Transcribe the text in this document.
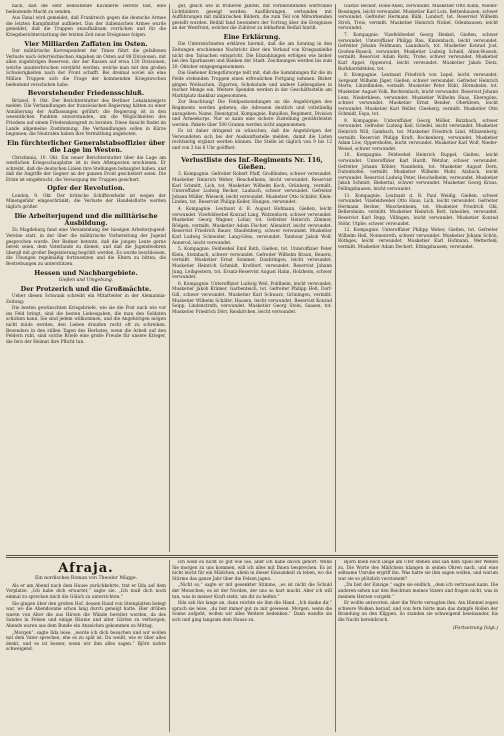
nach, daß die sehr bedeutende Kavallerie bereits fast, eine bedeutende Macht zu senden.

Aus Fanal wird gemeldet, daß Frankreich gegen die deutsche Armee die letzten Kampfmittel aufbietet. Das der italienischen Armee wurde gemeldet, daß die Truppen unaufhaltsam vorrücken und für die Kriegsberichterstattung der letzten Zeit neue Ereignisse folgen.

Vier Milliarden Zaffaten im Osten.

Der militärische Korrespondent der Times führt die gefallenen Verluste nach österreichischen Angaben im Osten auf 88 Divisionen, mit allen zugehörigen Reserven, der der Russen auf etwa 130 Divisionen, welche ununterbrochen verstärkt werden, welche man mit den großen Schwierigkeiten nach der Front schafft. Bei dreimal soviel als eine Million Truppen sich die Frage der kommenden Kriegswochen bedeutend verschoben habe.

Bevorstehender Friedensschluß.

Brüssel, 9. Okt. Der Berichterstatter des Berliner Lokalanzeigers meldet: Die Verhandlungen der französischen Regierung hätten zu einer Annäherung der Auffassungen geführt; die Regierung ist in den wesentlichen Punkten einverstanden, um die Möglichkeiten des Friedens auf einem Friedenskongreß zu beraten. Diese Ansicht findet im Lande allgemeine Zustimmung. Die Verhandlungen sollen in Kürze beginnen; die Neutralen haben ihre Vermittlung angeboten.

Ein fürchterlicher Generalstabsoffizier über die Lage im Westen.

Christiania, 10. Okt. Ein neuer Berichterstatter über die Lage am westlichen Kriegsschauplatze ist in dem Aftenposten erschienen. Er schreibt, daß die deutschen Linien ihre Stellungen behauptet haben, und daß die Angriffe der Gegner an der ganzen Front gescheitert seien. Die Ernte ist eingebracht, die Versorgung der Truppen gesichert.

Opfer der Revolution.

London, 9. Okt. Der britische Schiffsverkehr ist wegen der Minengefahr eingeschränkt; die Verluste der Handelsflotte werden täglich größer.

Die Arbeiterjugend und die militärische Ausbildung.

Zu Magdeburg fand eine Versammlung der hiesigen Arbeiterjugend-Vereine statt, in der über die militärische Vorbereitung der Jugend gesprochen wurde. Der Redner betonte, daß die jungen Leute gerne bereit seien, dem Vaterlande zu dienen, und daß die Jugendwehren überall mit großer Begeisterung begrüßt werden. Es wurde beschlossen, die Übungen regelmäßig fortzusetzen und die Eltern zu bitten, die Bestrebungen zu unterstützen.

Hessen und Nachbargebiete.
Gießen und Umgebung.
Der Protzerich und die Großmächte.

Ueber diesen Schwank schreibt ein Mitarbeiter in der Alemannia-Zeitung:

Die besten gewünschten Kriegsbriefe, wie sie die Post nach wie vor ins Feld bringt, sind die besten Liebesgaben, die man den Soldaten schicken kann. Sie sind jedem willkommen, und die Angehörigen mögen nicht müde werden, den Lieben draußen recht oft zu schreiben. Besonders in den stillen Tagen des Herbstes, wenn die Arbeit auf den Feldern ruht, sind solche Briefe eine große Freude für unsere Krieger, die fern der Heimat ihre Pflicht tun.

gut, gleich wie in früheren Jahren, mit vorbereitenden wertvollen Lichtbildern gezeigt werden. Ausführungen, verbunden mit Aufführungen mit militärischen Bildern, die zum Teil von Mitwirkenden gestellt wurden. Beifall fand besonders der Vortrag über die Ereignisse an der Westfront, welcher die Zuhörer zu lebhaftem Beifall hinriß.

Eine Erklärung.

Die Unterzeichneten erklären hiermit, daß die am Sonntag in den Zeitungen erschienene Nachricht über den Verkauf von Kriegsanleihe nicht den Tatsachen entspricht. Die Einzahlungen erfolgen wie bisher bei den Sparkassen und Banken der Stadt. Zeichnungen werden bis zum 20. Oktober entgegengenommen.

Die Gießener Kriegsfürsorge teilt mit, daß die Sammlungen für die im Felde stehenden Truppen einen erfreulichen Fortgang nehmen. Bisher gingen Wollsachen, Zigarren, Schokolade und andere Liebesgaben in reicher Menge ein. Weitere Spenden werden in der Geschäftsstelle am Marktplatz dankbar angenommen.

Zur Beachtung! Die Feldpostsendungen an die Angehörigen des Regiments werden gebeten, die Adressen deutlich und vollständig anzugeben: Name, Dienstgrad, Kompagnie, Bataillon, Regiment, Division und Armeekorps. Nur so kann eine sichere Zustellung gewährleistet werden. Pakete über 500 Gramm werden nicht angenommen.

Es ist daher dringend zu wünschen, daß die Angehörigen der Verwundeten sich bei der Auskunftsstelle melden, damit die Listen rechtzeitig ergänzt werden können. Die Stelle ist täglich von 9 bis 12 und von 3 bis 6 Uhr geöffnet.

Verlustliste des Inf.-Regiments Nr. 116, Gießen.

3. Kompagnie. Gefreiter Robert Pfaff, Großlinden, schwer verwundet. Musketier Heinrich Weber, Heuchelheim, leicht verwundet. Reservist Karl Schmitt, Lich, tot. Musketier Wilhelm Koch, Grünberg, vermißt. Unteroffizier Ludwig Becker, Laubach, schwer verwundet. Gefreiter Johann Müller, Wieseck, leicht verwundet. Musketier Otto Schäfer, Klein-Linden, tot. Reservist Philipp Keller, Hungen, verwundet.

4. Kompagnie. Leutnant d. R. August Hofmann, Gießen, leicht verwundet. Vizefeldwebel Konrad Lang, Watzenborn, schwer verwundet. Musketier Georg Wagner, Lollar, tot. Gefreiter Heinrich Zimmer, Rödgen, vermißt. Musketier Adam Fischer, Allendorf, leicht verwundet. Reservist Friedrich Bauer, Staufenberg, schwer verwundet. Musketier Karl Ludwig Schneider, Lang-Göns, verwundet. Tambour Jakob Wolf, Annerod, leicht verwundet.

5. Kompagnie. Feldwebel Emil Roth, Gießen, tot. Unteroffizier Peter Klein, Steinbach, schwer verwundet. Gefreiter Wilhelm Braun, Beuern, vermißt. Musketier Ernst Sommer, Daubringen, leicht verwundet. Musketier Heinrich Schmidt, Krofdorf, verwundet. Reservist Johann Jung, Leihgestern, tot. Ersatz-Reservist August Hahn, Holzheim, schwer verwundet.

6. Kompagnie. Unteroffizier Ludwig Weil, Pohlheim, leicht verwundet. Musketier Jakob Krämer, Garbenteich, tot. Gefreiter Philipp Heß, Dorf-Gill, schwer verwundet. Musketier Karl Schwarz, Grüningen, vermißt. Musketier Wilhelm Schäfer, Hausen, leicht verwundet. Reservist Konrad Seipp, Lindenstruth, verwundet. Musketier Georg Stein, Saasen, tot. Musketier Friedrich Dörr, Reiskirchen, leicht verwundet.

Gustav Becker, Hohe-Aben, verwundet. Musketier Otto Kühn, Nieder-Bessingen, leicht verwundet. Musketier Karl Lotz, Bettenhausen, schwer verwundet. Gefreiter Hermann Rühl, Londorf, tot. Reservist Wilhelm Stroh, Treis, vermißt. Musketier Heinrich Nickel, Odenhausen, leicht verwundet.

7. Kompagnie. Vizefeldwebel Georg Henkel, Gießen, schwer verwundet. Unteroffizier Philipp Rau, Kinzenbach, leicht verwundet. Gefreiter Johann Feldmann, Launsbach, tot. Musketier Konrad Jost, Großen-Buseck, verwundet. Musketier Ludwig Scheld, Alten-Buseck, vermißt. Reservist Adam Reitz, Trohe, schwer verwundet. Musketier Karl Appel, Oppenrod, leicht verwundet. Musketier Jakob Dietz, Burkhardsfelden, tot.

8. Kompagnie. Leutnant Friedrich von Lepel, leicht verwundet. Sergeant Wilhelm Jäger, Gießen, schwer verwundet. Gefreiter Heinrich Merte, Lützellinden, vermißt. Musketier Peter Rühl, Hörnsheim, tot. Musketier August Volk, Rechtenbach, leicht verwundet. Reservist Johann Lenz, Niederkleen, verwundet. Musketier Wilhelm Haas, Ebersgöns, schwer verwundet. Musketier Ernst Bender, Oberkleen, leicht verwundet. Musketier Karl Weller, Cleeberg, vermißt. Musketier Otto Schmidt, Espa, tot.

9. Kompagnie. Unteroffizier Georg Möller, Butzbach, schwer verwundet. Gefreiter Ludwig Keil, Griedel, leicht verwundet. Musketier Heinrich Will, Gambach, tot. Musketier Friedrich Lind, Münzenberg, vermißt. Reservist Philipp Kraft, Rockenberg, verwundet. Musketier Adam Löw, Oppershofen, leicht verwundet. Musketier Karl Wolf, Nieder-Weisel, schwer verwundet.

10. Kompagnie. Feldwebel Heinrich Ruppel, Gießen, leicht verwundet. Unteroffizier Karl Hardt, Wetzlar, schwer verwundet. Gefreiter Johann Köhler, Naunheim, tot. Musketier August Dern, Dutenhofen, vermißt. Musketier Wilhelm Mohr, Atzbach, leicht verwundet. Reservist Ludwig Peter, Heuchelheim, verwundet. Musketier Jakob Schmitt, Biebertal, schwer verwundet. Musketier Georg Kraus, Fellingshausen, leicht verwundet.

11. Kompagnie. Leutnant d. R. Paul Weidig, Gießen, schwer verwundet. Vizefeldwebel Otto Haus, Lich, leicht verwundet. Gefreiter Hermann Becker, Muschenheim, tot. Musketier Friedrich Ohl, Bellersheim, vermißt. Musketier Heinrich Bott, Inheiden, verwundet. Reservist Karl Repp, Villingen, leicht verwundet. Musketier Konrad Stöhr, Utphe, schwer verwundet.

12. Kompagnie. Unteroffizier Philipp Weber, Gießen, tot. Gefreiter Wilhelm Heil, Nonnenroth, schwer verwundet. Musketier Johann Schön, Röthges, leicht verwundet. Musketier Karl Hofmann, Wetterfeld, vermißt. Musketier Adam Dechert, Ettingshausen, verwundet.

Afraja.
Ein nordisches Roman von Theodor Mügge.

Als er am Abend nach dem Hause zurückkehrte, trat er Ilda auf dem Vorplatze. „Ich habe dich erwartet,“ sagte sie. „Ich muß dich noch einmal zu sprechen mich die Gülich zu unterrichten.“

Sie gingen über den großen Hof, dessen Rand von Steinplatten belegt war, wo die Abendsonne schon lang durch geneigt hatte. Hier drüben waren von Alter die aus Hirsen die Wände bereitet worden, da des Sandes in Felsen und einige Bäume und alter Gärten zu verborgen; Abends waren aus dem Bunde ein Anzeichen gekommen zu Mittag.

„Morgen“, sagte Ilda leise, „werde ich dich besuchen und wir wollen mit dem Vater sprechen, ehe es zu spät ist. Du weißt, wie er über alles denkt, und es ist besser, wenn wir ihm alles sagen.“ Björn nickte schweigend.

Ich weiß es nicht so gut wie Sie, aber ich habe davon gehört. Wenn Sie morgen zu uns kommen, will ich alles mit Ihnen besprechen. Es ist nicht leicht für ein Mädchen, allein in dieser Einsamkeit zu leben, wo die Stürme das ganze Jahr über die Felsen jagen.

„Nicht so,“ sagte er mit gesenkter Stimme, „es ist nicht die Schuld der Menschen; es ist der Norden, der uns so hart macht. Aber ich will tun, was in meiner Kraft steht, um dir zu helfen.“

Ilda sah ihn lange an, dann reichte sie ihm die Hand. „Ich danke dir,“ sprach sie leise, „du bist immer gut zu mir gewesen. Morgen, wenn die Sonne aufgeht, wollen wir alles Weitere bedenken.“ Dann wandte sie sich und ging langsam dem Hause zu.

Björn blieb noch lange am Ufer stehen und sah dem Spiel der Wellen zu. Die Worte des Mädchens klangen in seinen Ohren nach, und eine seltsame Unruhe ergriff ihn. Was hatte sie ihm sagen wollen, und warum war sie so plötzlich verstummt?

„Du bist der Einzige,“ sagte sie endlich, „dem ich vertrauen kann. Die anderen sehen nur den Reichtum meines Vaters und fragen nicht, was in meinem Herzen vorgeht.“

Er wollte antworten, aber die Worte versagten ihm. Am Himmel zogen schwere Wolken herauf, und von fern hörte man das dumpfe Rollen der Brandung an den Klippen. So standen sie schweigend beieinander, bis die Nacht hereinbrach.

(Fortsetzung folgt.)
